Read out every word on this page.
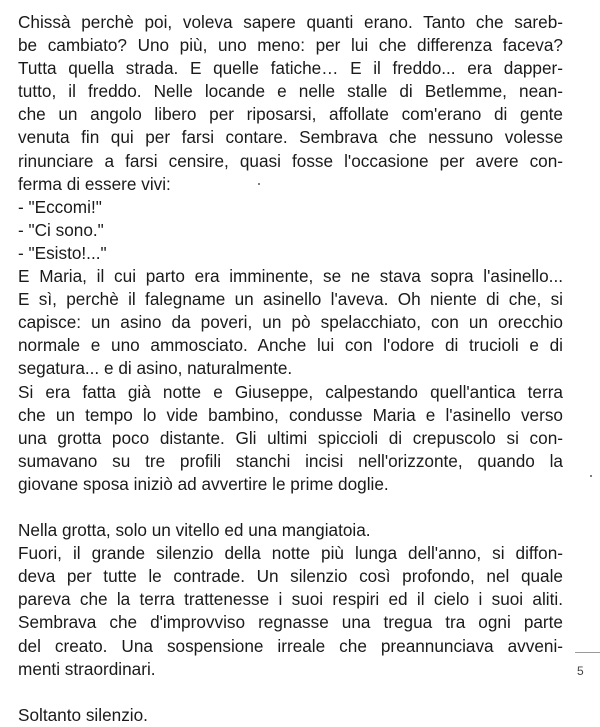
Chissà perchè poi, voleva sapere quanti erano. Tanto che sareb-
be cambiato? Uno più, uno meno: per lui che differenza faceva?
Tutta quella strada. E quelle fatiche… E il freddo... era dapper-
tutto, il freddo. Nelle locande e nelle stalle di Betlemme, nean-
che un angolo libero per riposarsi, affollate com'erano di gente
venuta fin qui per farsi contare. Sembrava che nessuno volesse
rinunciare a farsi censire, quasi fosse l'occasione per avere con-
ferma di essere vivi:
- "Eccomi!"
- "Ci sono."
- "Esisto!..."
E Maria, il cui parto era imminente, se ne stava sopra l'asinello...
E sì, perchè il falegname un asinello l'aveva. Oh niente di che, si
capisce: un asino da poveri, un pò spelacchiato, con un orecchio
normale e uno ammosciato. Anche lui con l'odore di trucioli e di
segatura... e di asino, naturalmente.
Si era fatta già notte e Giuseppe, calpestando quell'antica terra
che un tempo lo vide bambino, condusse Maria e l'asinello verso
una grotta poco distante. Gli ultimi spiccioli di crepuscolo si con-
sumavano su tre profili stanchi incisi nell'orizzonte, quando la
giovane sposa iniziò ad avvertire le prime doglie.
Nella grotta, solo un vitello ed una mangiatoia.
Fuori, il grande silenzio della notte più lunga dell'anno, si diffon-
deva per tutte le contrade. Un silenzio così profondo, nel quale
pareva che la terra trattenesse i suoi respiri ed il cielo i suoi aliti.
Sembrava che d'improvviso regnasse una tregua tra ogni parte
del creato. Una sospensione irreale che preannunciava avveni-
menti straordinari.
Soltanto silenzio.
5
